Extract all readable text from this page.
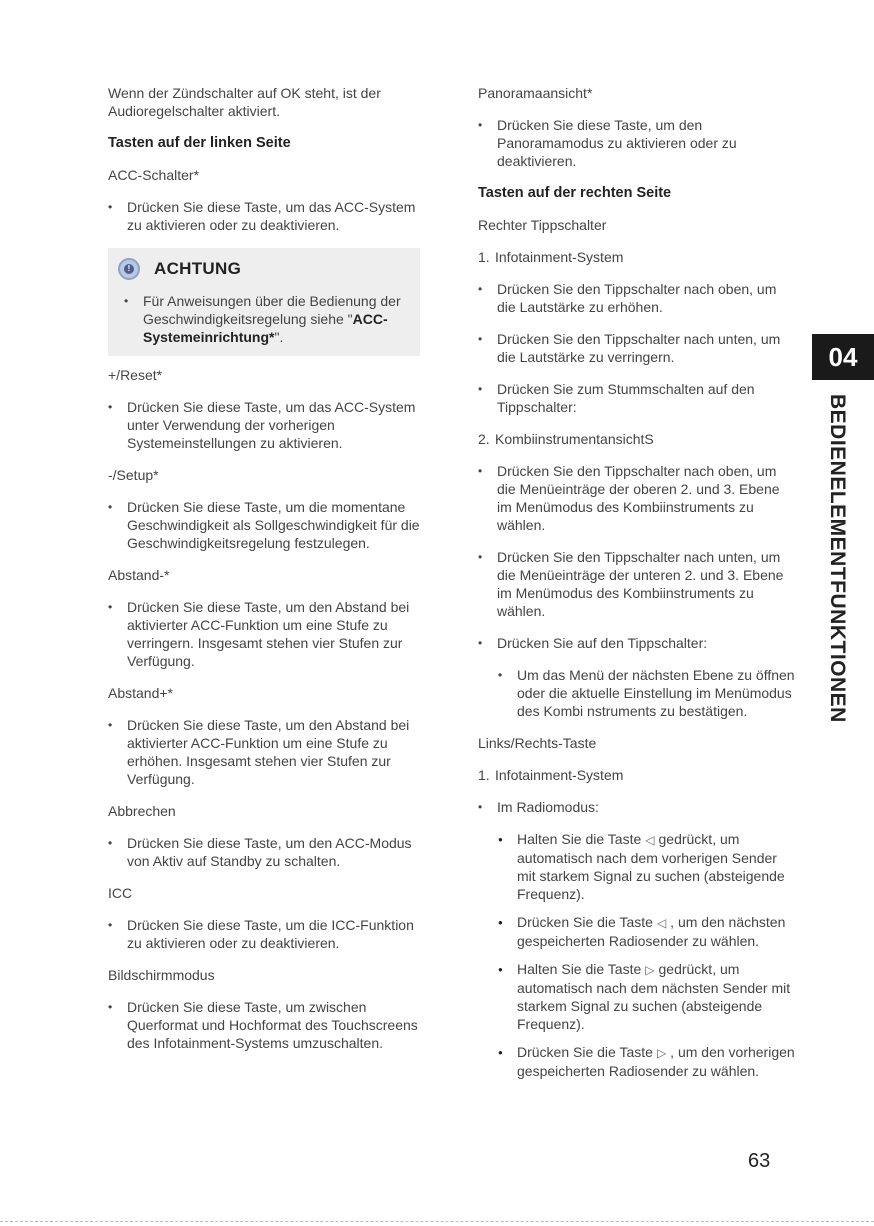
Wenn der Zündschalter auf OK steht, ist der Audioregelschalter aktiviert.

Tasten auf der linken Seite

ACC-Schalter*

• Drücken Sie diese Taste, um das ACC-System zu aktivieren oder zu deaktivieren.

! ACHTUNG

• Für Anweisungen über die Bedienung der Geschwindigkeitsregelung siehe "ACC-Systemeinrichtung*".

+/Reset*

• Drücken Sie diese Taste, um das ACC-System unter Verwendung der vorherigen Systemeinstellungen zu aktivieren.

-/Setup*

• Drücken Sie diese Taste, um die momentane Geschwindigkeit als Sollgeschwindigkeit für die Geschwindigkeitsregelung festzulegen.

Abstand-*

• Drücken Sie diese Taste, um den Abstand bei aktivierter ACC-Funktion um eine Stufe zu verringern. Insgesamt stehen vier Stufen zur Verfügung.

Abstand+*

• Drücken Sie diese Taste, um den Abstand bei aktivierter ACC-Funktion um eine Stufe zu erhöhen. Insgesamt stehen vier Stufen zur Verfügung.

Abbrechen

• Drücken Sie diese Taste, um den ACC-Modus von Aktiv auf Standby zu schalten.

ICC

• Drücken Sie diese Taste, um die ICC-Funktion zu aktivieren oder zu deaktivieren.

Bildschirmmodus

• Drücken Sie diese Taste, um zwischen Querformat und Hochformat des Touchscreens des Infotainment-Systems umzuschalten.

Panoramaansicht*

• Drücken Sie diese Taste, um den Panoramamodus zu aktivieren oder zu deaktivieren.

Tasten auf der rechten Seite

Rechter Tippschalter

1. Infotainment-System

• Drücken Sie den Tippschalter nach oben, um die Lautstärke zu erhöhen.

• Drücken Sie den Tippschalter nach unten, um die Lautstärke zu verringern.

• Drücken Sie zum Stummschalten auf den Tippschalter:

2. KombiinstrumentansichtS

• Drücken Sie den Tippschalter nach oben, um die Menüeinträge der oberen 2. und 3. Ebene im Menümodus des Kombiinstruments zu wählen.

• Drücken Sie den Tippschalter nach unten, um die Menüeinträge der unteren 2. und 3. Ebene im Menümodus des Kombiinstruments zu wählen.

• Drücken Sie auf den Tippschalter:

• Um das Menü der nächsten Ebene zu öffnen oder die aktuelle Einstellung im Menümodus des Kombi nstruments zu bestätigen.

Links/Rechts-Taste

1. Infotainment-System

• Im Radiomodus:

● Halten Sie die Taste ◁ gedrückt, um automatisch nach dem vorherigen Sender mit starkem Signal zu suchen (absteigende Frequenz).

● Drücken Sie die Taste ◁ , um den nächsten gespeicherten Radiosender zu wählen.

● Halten Sie die Taste ▷ gedrückt, um automatisch nach dem nächsten Sender mit starkem Signal zu suchen (absteigende Frequenz).

● Drücken Sie die Taste ▷ , um den vorherigen gespeicherten Radiosender zu wählen.

04
BEDIENELEMENTFUNKTIONEN
63
